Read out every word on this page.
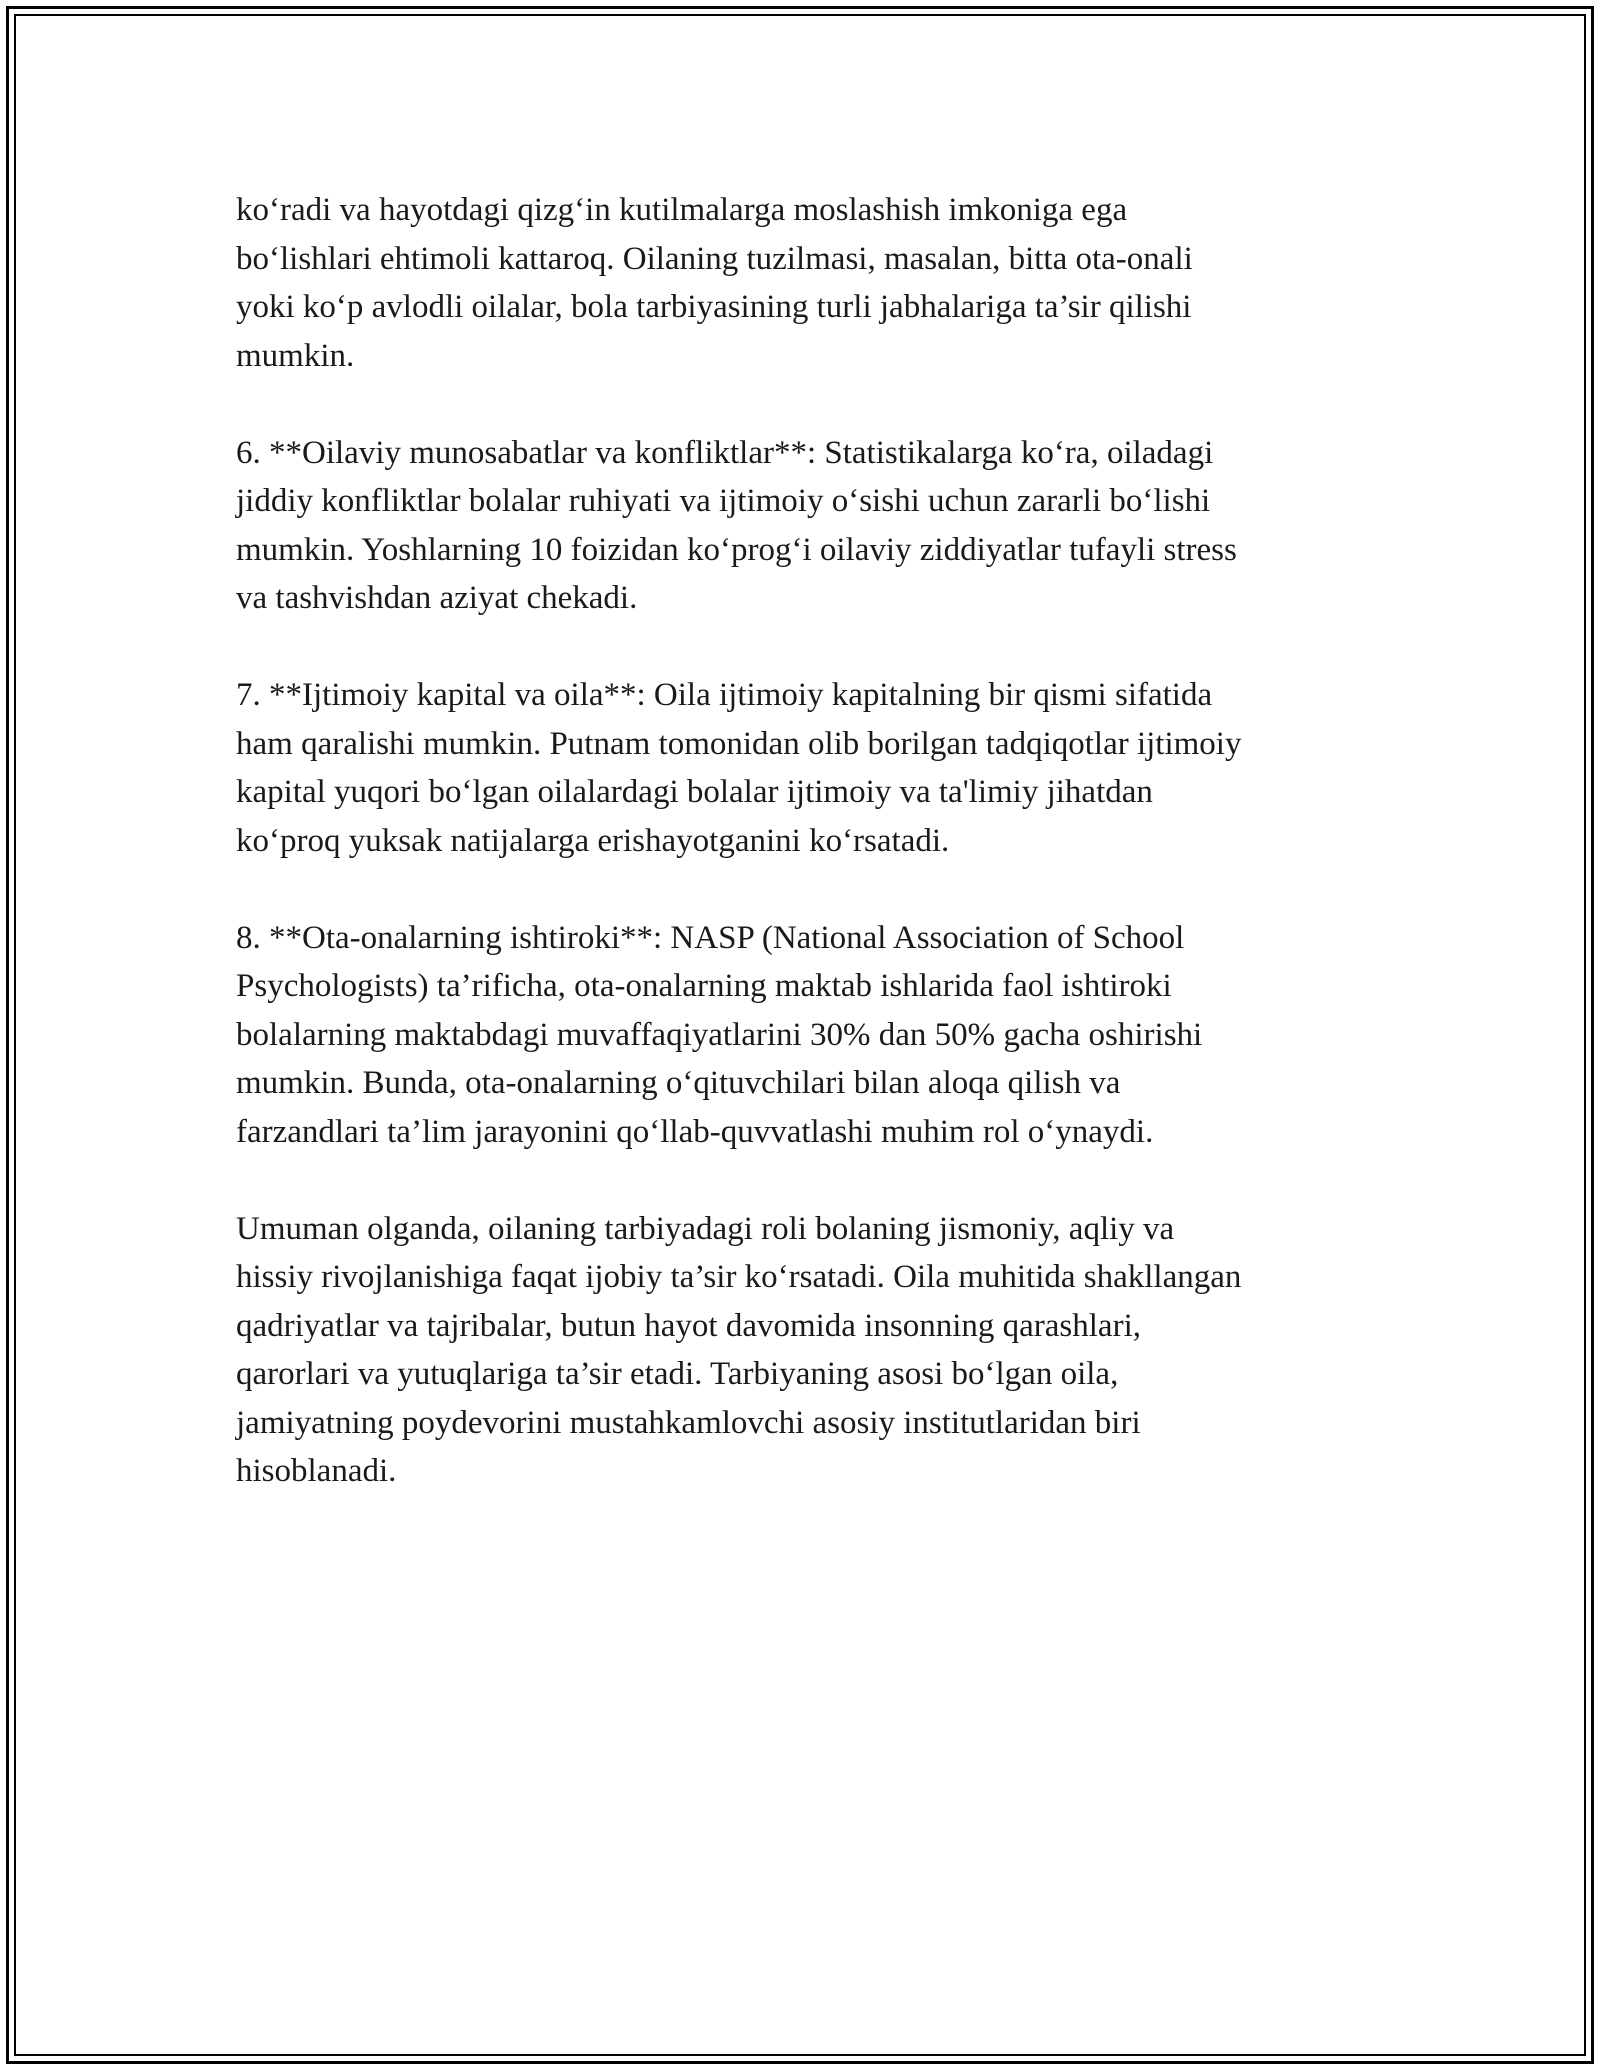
ko‘radi va hayotdagi qizg‘in kutilmalarga moslashish imkoniga ega
bo‘lishlari ehtimoli kattaroq. Oilaning tuzilmasi, masalan, bitta ota-onali
yoki ko‘p avlodli oilalar, bola tarbiyasining turli jabhalariga ta’sir qilishi
mumkin.

6. **Oilaviy munosabatlar va konfliktlar**: Statistikalarga ko‘ra, oiladagi
jiddiy konfliktlar bolalar ruhiyati va ijtimoiy o‘sishi uchun zararli bo‘lishi
mumkin. Yoshlarning 10 foizidan ko‘prog‘i oilaviy ziddiyatlar tufayli stress
va tashvishdan aziyat chekadi.

7. **Ijtimoiy kapital va oila**: Oila ijtimoiy kapitalning bir qismi sifatida
ham qaralishi mumkin. Putnam tomonidan olib borilgan tadqiqotlar ijtimoiy
kapital yuqori bo‘lgan oilalardagi bolalar ijtimoiy va ta'limiy jihatdan
ko‘proq yuksak natijalarga erishayotganini ko‘rsatadi.

8. **Ota-onalarning ishtiroki**: NASP (National Association of School
Psychologists) ta’rificha, ota-onalarning maktab ishlarida faol ishtiroki
bolalarning maktabdagi muvaffaqiyatlarini 30% dan 50% gacha oshirishi
mumkin. Bunda, ota-onalarning o‘qituvchilari bilan aloqa qilish va
farzandlari ta’lim jarayonini qo‘llab-quvvatlashi muhim rol o‘ynaydi.

Umuman olganda, oilaning tarbiyadagi roli bolaning jismoniy, aqliy va
hissiy rivojlanishiga faqat ijobiy ta’sir ko‘rsatadi. Oila muhitida shakllangan
qadriyatlar va tajribalar, butun hayot davomida insonning qarashlari,
qarorlari va yutuqlariga ta’sir etadi. Tarbiyaning asosi bo‘lgan oila,
jamiyatning poydevorini mustahkamlovchi asosiy institutlaridan biri
hisoblanadi.
